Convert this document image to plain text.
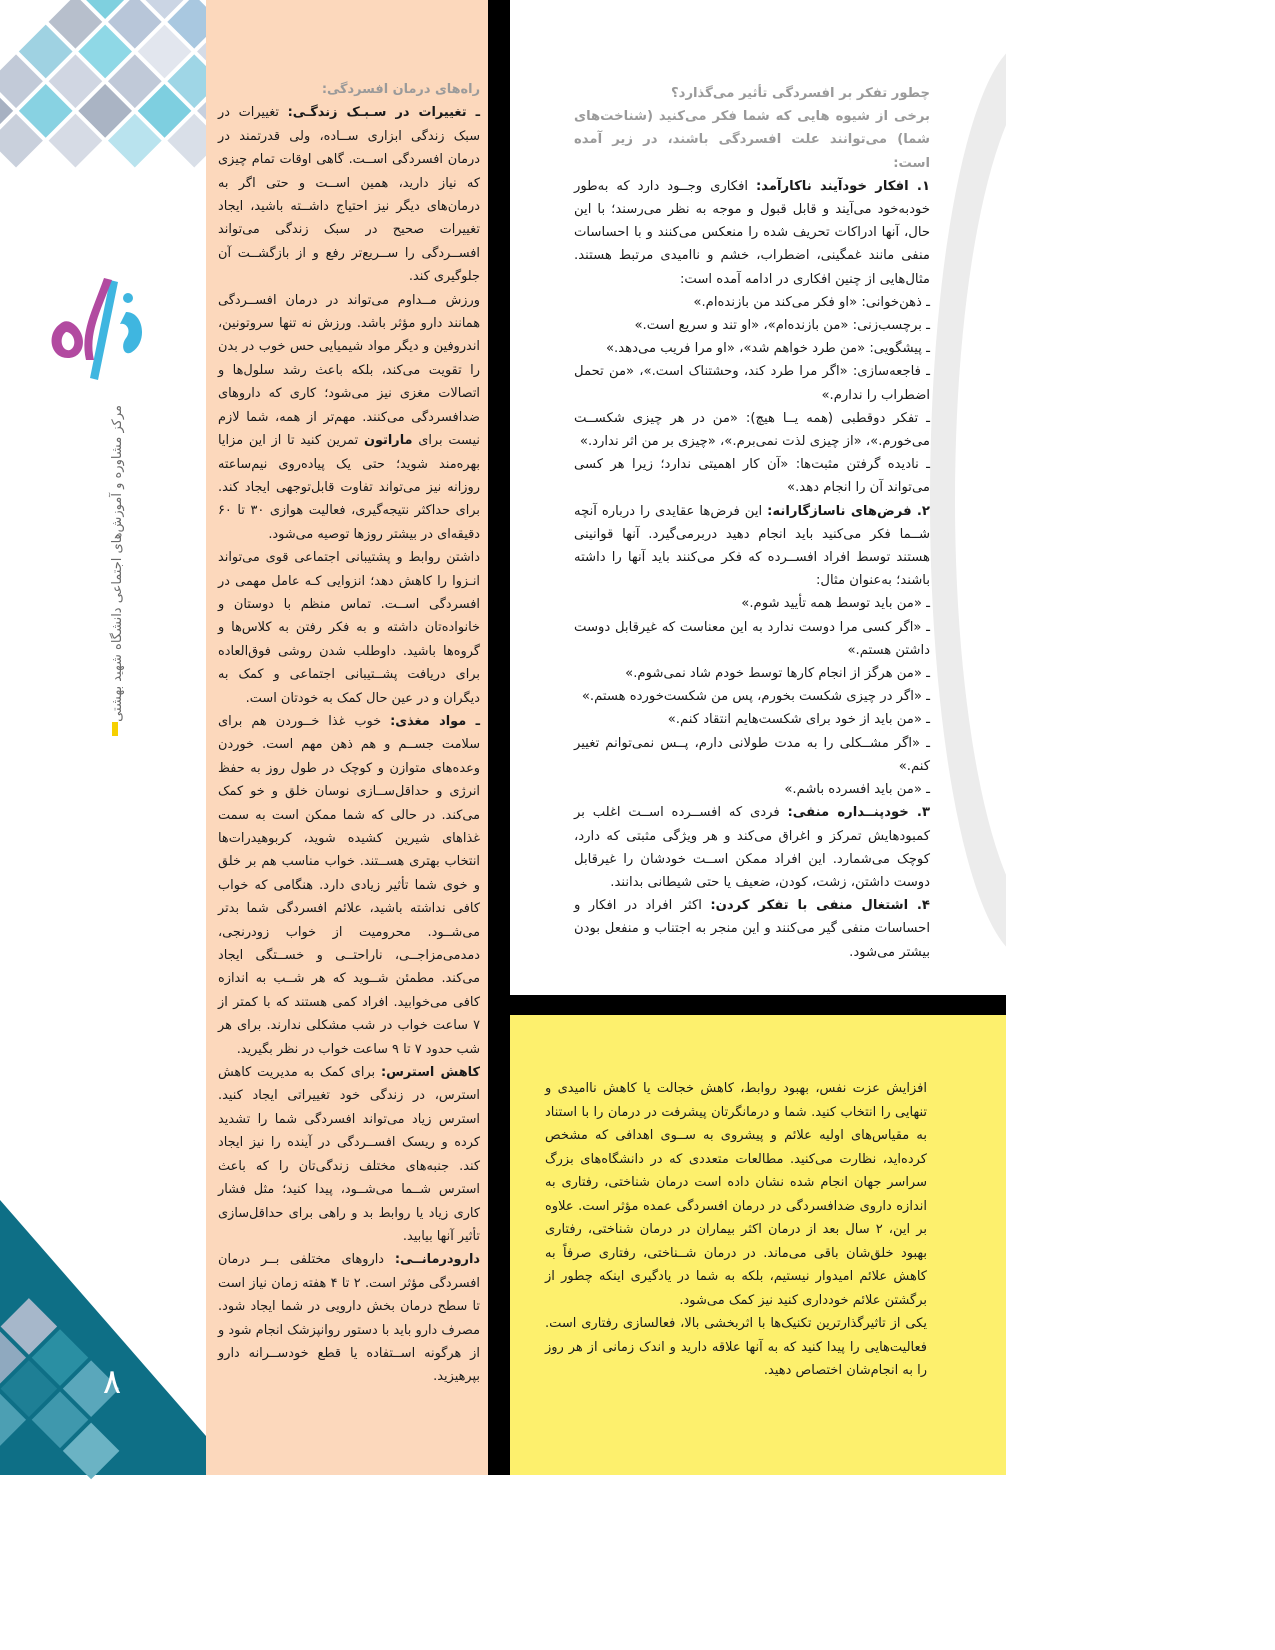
مرکز مشاوره و آموزش‌های اجتماعی دانشگاه شهید بهشتی
۸

راه‌های درمان افسردگی:

ـ تغییرات در سـبـک زندگـی: تغییرات در سبک زندگی ابزاری ســاده، ولی قدرتمند در درمان افسردگی اســت. گاهی اوقات تمام چیزی که نیاز دارید، همین اســت و حتی اگر به درمان‌های دیگر نیز احتیاج داشــته باشید، ایجاد تغییرات صحیح در سبک زندگی می‌تواند افســردگی را ســریع‌تر رفع و از بازگشــت آن جلوگیری کند.

ورزش مــداوم می‌تواند در درمان افســردگی همانند دارو مؤثر باشد. ورزش نه تنها سروتونین، اندروفین و دیگر مواد شیمیایی حس خوب در بدن را تقویت می‌کند، بلکه باعث رشد سلول‌ها و اتصالات مغزی نیز می‌شود؛ کاری که داروهای ضدافسردگی می‌کنند. مهم‌تر از همه، شما لازم نیست برای ماراتون تمرین کنید تا از این مزایا بهره‌مند شوید؛ حتی یک پیاده‌روی نیم‌ساعته روزانه نیز می‌تواند تفاوت قابل‌توجهی ایجاد کند. برای حداکثر نتیجه‌گیری، فعالیت هوازی ۳۰ تا ۶۰ دقیقه‌ای در بیشتر روزها توصیه می‌شود.

داشتن روابط و پشتیبانی اجتماعی قوی می‌تواند انـزوا را کاهش دهد؛ انزوایی کـه عامل مهمی در افسردگی اســت. تماس منظم با دوستان و خانواده‌تان داشته و به فکر رفتن به کلاس‌ها و گروه‌ها باشید. داوطلب شدن روشی فوق‌العاده برای دریافت پشــتیبانی اجتماعی و کمک به دیگران و در عین حال کمک به خودتان است.

ـ مواد مغذی: خوب غذا خــوردن هم برای سلامت جســم و هم ذهن مهم است. خوردن وعده‌های متوازن و کوچک در طول روز به حفظ انرژی و حداقل‌ســازی نوسان خلق و خو کمک می‌کند. در حالی که شما ممکن است به سمت غذاهای شیرین کشیده شوید، کربوهیدرات‌ها انتخاب بهتری هســتند. خواب مناسب هم بر خلق و خوی شما تأثیر زیادی دارد. هنگامی که خواب کافی نداشته باشید، علائم افسردگی شما بدتر می‌شــود. محرومیت از خواب زودرنجی، دمدمی‌مزاجــی، ناراحتــی و خســتگی ایجاد می‌کند. مطمئن شــوید که هر شــب به اندازه کافی می‌خوابید. افراد کمی هستند که با کمتر از ۷ ساعت خواب در شب مشکلی ندارند. برای هر شب حدود ۷ تا ۹ ساعت خواب در نظر بگیرید.

کاهش استرس: برای کمک به مدیریت کاهش استرس، در زندگی خود تغییراتی ایجاد کنید. استرس زیاد می‌تواند افسردگی شما را تشدید کرده و ریسک افســردگی در آینده را نیز ایجاد کند. جنبه‌های مختلف زندگی‌تان را که باعث استرس شــما می‌شــود، پیدا کنید؛ مثل فشار کاری زیاد یا روابط بد و راهی برای حداقل‌سازی تأثیر آنها بیابید.

دارودرمانــی: داروهای مختلفی بــر درمان افسردگی مؤثر است. ۲ تا ۴ هفته زمان نیاز است تا سطح درمان بخش دارویی در شما ایجاد شود. مصرف دارو باید با دستور روانپزشک انجام شود و از هرگونه اســتفاده یا قطع خودســرانه دارو بپرهیزید.

چطور تفکر بر افسردگی تأثیر می‌گذارد؟

برخی از شیوه هایی که شما فکر می‌کنید (شناخت‌های شما) می‌توانند علت افسردگی باشند، در زیر آمده است:

۱. افکار خودآیند ناکارآمد: افکاری وجــود دارد که به‌طور خودبه‌خود می‌آیند و قابل قبول و موجه به نظر می‌رسند؛ با این حال، آنها ادراکات تحریف شده را منعکس می‌کنند و با احساسات منفی مانند غمگینی، اضطراب، خشم و ناامیدی مرتبط هستند. مثال‌هایی از چنین افکاری در ادامه آمده است:

ـ ذهن‌خوانی: «او فکر می‌کند من بازنده‌ام.»

ـ برچسب‌زنی: «من بازنده‌ام»، «او تند و سریع است.»

ـ پیشگویی: «من طرد خواهم شد»، «او مرا فریب می‌دهد.»

ـ فاجعه‌سازی: «اگر مرا طرد کند، وحشتناک است.»، «من تحمل اضطراب را ندارم.»

ـ تفکر دوقطبی (همه یــا هیچ): «من در هر چیزی شکســت می‌خورم.»، «از چیزی لذت نمی‌برم.»، «چیزی بر من اثر ندارد.»

ـ نادیده گرفتن مثبت‌ها: «آن کار اهمیتی ندارد؛ زیرا هر کسی می‌تواند آن را انجام دهد.»

۲. فرض‌های ناسازگارانه: این فرض‌ها عقایدی را درباره آنچه شــما فکر می‌کنید باید انجام دهید دربرمی‌گیرد. آنها قوانینی هستند توسط افراد افســرده که فکر می‌کنند باید آنها را داشته باشند؛ به‌عنوان مثال:

ـ «من باید توسط همه تأیید شوم.»

ـ «اگر کسی مرا دوست ندارد به این معناست که غیرقابل دوست داشتن هستم.»

ـ «من هرگز از انجام کارها توسط خودم شاد نمی‌شوم.»

ـ «اگر در چیزی شکست بخورم، پس من شکست‌خورده هستم.»

ـ «من باید از خود برای شکست‌هایم انتقاد کنم.»

ـ «اگر مشــکلی را به مدت طولانی دارم، پــس نمی‌توانم تغییر کنم.»

ـ «من باید افسرده باشم.»

۳. خودپنــداره منفی: فردی که افســرده اســت اغلب بر کمبودهایش تمرکز و اغراق می‌کند و هر ویژگی مثبتی که دارد، کوچک می‌شمارد. این افراد ممکن اســت خودشان را غیرقابل دوست داشتن، زشت، کودن، ضعیف یا حتی شیطانی بدانند.

۴. اشتغال منفی با تفکر کردن: اکثر افراد در افکار و احساسات منفی گیر می‌کنند و این منجر به اجتناب و منفعل بودن بیشتر می‌شود.

افزایش عزت نفس، بهبود روابط، کاهش خجالت یا کاهش ناامیدی و تنهایی را انتخاب کنید. شما و درمانگرتان پیشرفت در درمان را با استناد به مقیاس‌های اولیه علائم و پیشروی به ســوی اهدافی که مشخص کرده‌اید، نظارت می‌کنید. مطالعات متعددی که در دانشگاه‌های بزرگ سراسر جهان انجام شده نشان داده است درمان شناختی، رفتاری به اندازه داروی ضدافسردگی در درمان افسردگی عمده مؤثر است. علاوه بر این، ۲ سال بعد از درمان اکثر بیماران در درمان شناختی، رفتاری بهبود خلق‌شان باقی می‌ماند. در درمان شــناختی، رفتاری صرفاً به کاهش علائم امیدوار نیستیم، بلکه به شما در یادگیری اینکه چطور از برگشتن علائم خودداری کنید نیز کمک می‌شود.

یکی از تاثیرگذارترین تکنیک‌ها با اثربخشی بالا، فعالسازی رفتاری است. فعالیت‌هایی را پیدا کنید که به آنها علاقه دارید و اندک زمانی از هر روز را به انجام‌شان اختصاص دهید.
